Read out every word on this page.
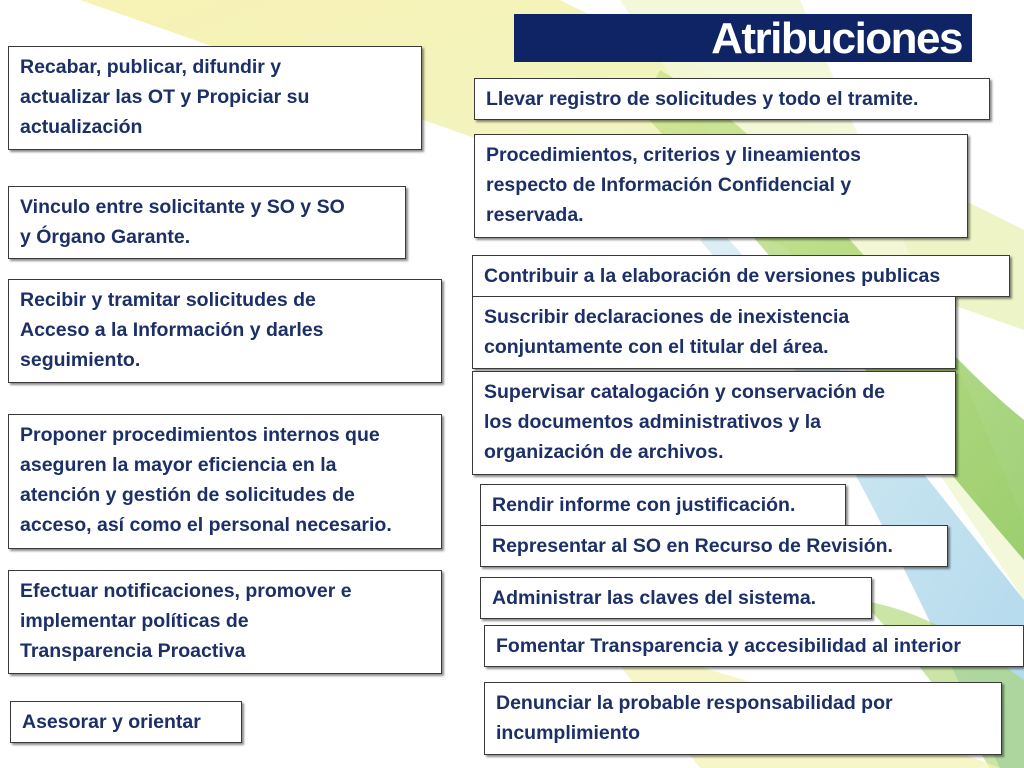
Atribuciones
Recabar, publicar, difundir y
actualizar las OT y Propiciar su
actualización
Vinculo entre solicitante y SO y SO
y Órgano Garante.
Recibir y tramitar solicitudes de
Acceso a la Información y darles
seguimiento.
Proponer procedimientos internos que
aseguren la mayor eficiencia en la
atención y gestión de solicitudes de
acceso, así como el personal necesario.
Efectuar notificaciones, promover e
implementar políticas de
Transparencia Proactiva
Asesorar y orientar
Llevar registro de solicitudes y todo el tramite.
Procedimientos, criterios y lineamientos
respecto de Información Confidencial y
reservada.
Contribuir a la elaboración de versiones publicas
Suscribir declaraciones de inexistencia
conjuntamente con el titular del área.
Supervisar catalogación y conservación de
los documentos administrativos y la
organización de archivos.
Rendir informe con justificación.
Representar al SO en Recurso de Revisión.
Administrar las claves del sistema.
Fomentar Transparencia y accesibilidad al interior
Denunciar la probable responsabilidad por
incumplimiento
